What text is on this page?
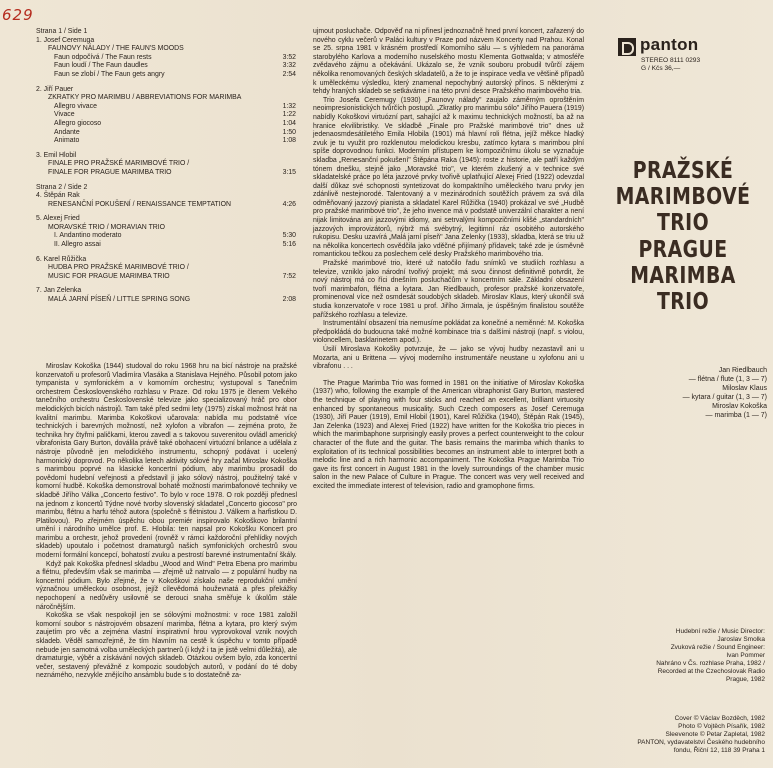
629
Strana 1 / Side 1
1. Josef Ceremuga
FAUNOVY NÁLADY / THE FAUN'S MOODS
Faun odpočívá / The Faun rests	3:52
Faun loudí / The Faun daudles	3:32
Faun se zlobí / The Faun gets angry	2:54
2. Jiří Pauer
ZKRATKY PRO MARIMBU / ABBREVIATIONS FOR MARIMBA
Allegro vivace	1:32
Vivace	1:22
Allegro giocoso	1:04
Andante	1:50
Animato	1:08
3. Emil Hlobil
FINALE PRO PRAŽSKÉ MARIMBOVÉ TRIO /
FINALE FOR PRAGUE MARIMBA TRIO	3:15
Strana 2 / Side 2
4. Štěpán Rak
RENESANČNÍ POKUŠENÍ / RENAISSANCE TEMPTATION	4:26
5. Alexej Fried
MORAVSKÉ TRIO / MORAVIAN TRIO
I. Andantino moderato	5:30
II. Allegro assai	5:16
6. Karel Růžička
HUDBA PRO PRAŽSKÉ MARIMBOVÉ TRIO /
MUSIC FOR PRAGUE MARIMBA TRIO	7:52
7. Jan Zelenka
MALÁ JARNÍ PÍSEŇ / LITTLE SPRING SONG	2:08

Miroslav Kokoška (1944) studoval do roku 1968 hru na bicí nástroje na pražské konzervatoři u profesorů Vladimíra Vlasáka a Stanislava Hejného. Působil potom jako tympanista v symfonickém a v komorním orchestru; vystupoval s Tanečním orchestrem Československého rozhlasu v Praze. Od roku 1975 je členem Velkého tanečního orchestru Československé televize jako specializovaný hráč pro obor melodických bicích nástrojů. Tam také před sedmi lety (1975) získal možnost hrát na kvalitní marimbu. Marimba Kokoškovi učarovala: nabídla mu podstatně více technických i barevných možností, než xylofon a vibrafon — zejména proto, že technika hry čtyřmi paličkami, kterou zavedl a s takovou suverenitou ovládl americký vibrafonista Gary Burton, doválila právě také obohacení virtuózní brilance a udělala z nástroje původně jen melodického instrumentu, schopný podávat i ucelený harmonický doprovod. Po několika letech aktivity sólové hry začal Miroslav Kokoška s marimbou poprvé na klasické koncertní pódium, aby marimbu prosadil do povědomí hudební veřejnosti a představil ji jako sólový nástroj, použitelný také v komorní hudbě. Kokoška demonstroval bohatě možnosti marimbafonové techniky ve skladbě Jiřího Válka „Concerto festivo". To bylo v roce 1978. O rok později přednesl na jednom z koncertů Týdne nové tvorby slovenský skladatel „Concerto giocoso" pro marimbu, flétnu a harfu téhož autora (společně s flétnistou J. Válkem a harfistkou D. Platilovou). Po zřejmém úspěchu obou premiér inspirovalo Kokoškovo brilantní umění i národního umělce prof. E. Hlobila: ten napsal pro Kokošku Koncert pro marimbu a orchestr, jehož provedení (rovněž v rámci každoroční přehlídky nových skladeb) upoutalo i početnost dramaturgů našich symfonických orchestrů svou moderní formální koncepcí, bohatostí zvuku a pestrostí barevné instrumentační škály.

Když pak Kokoška přednesl skladbu „Wood and Wind" Petra Ebena pro marimbu a flétnu, především však se marimba — zřejmě už natrvalo — z populární hudby na koncertní pódium. Bylo zřejmé, že v Kokoškovi získalo naše reprodukční umění význačnou uměleckou osobnost, jejíž cílevědomá houževnatá a přes překážky nepochopení a nedůvěry usilovně se derouci snaha směřuje k úkolům stále náročnějším.

Kokoška se však nespokojil jen se sólovými možnostmi: v roce 1981 založil komorní soubor s nástrojovém obsazení marimba, flétna a kytara, pro který svým zaujetím pro věc a zejména vlastní inspirativní hrou vyprovokoval vznik nových skladeb. Věděl samozřejmě, že tím hlavním na cestě k úspěchu v tomto případě nebude jen samotná volba uměleckých partnerů (i když i ta je jistě velmi důležitá), ale dramaturgie, výběr a získávání nových skladeb. Otázkou ovšem bylo, zda koncertní večer, sestavený převážně z kompozic soudobých autorů, v podání do té doby neznámého, nezvykle znějícího ansámblu bude s to dostatečně za-

ujmout posluchače. Odpověď na ni přinesl jednoznačně hned první koncert, zařazený do nového cyklu večerů v Paláci kultury v Praze pod názvem Koncerty nad Prahou. Konal se 25. srpna 1981 v krásném prostředí Komorního sálu — s výhledem na panoráma starobylého Karlova a moderního nuselského mostu Klementa Gottwalda; v atmosféře zvědavého zájmu a očekávání. Ukázalo se, že vznik souboru probudil tvůrčí zájem několika renomovaných českých skladatelů, a že to je inspirace vedla ve většině případů k uměleckému výsledku, který znamenal nepochybný autorský přínos. S některými z tehdy hraných skladeb se setkáváme i na této první desce Pražského marimbového tria.

Trio Josefa Ceremugy (1930) „Faunovy nálady" zaujalo záměrným oproštěním neoimpresionistických tvůrčích postupů. „Zkratky pro marimbu sólo" Jiřího Pauera (1919) nabídly Kokoškovi virtuózní part, sahající až k maximu technických možností, ba až na hranice ekvilibristiky. Ve skladbě „Finale pro Pražské marimbové trio" dnes už jedenaosmdesátiletého Emila Hlobila (1901) má hlavní roli flétna, jejíž měkce hladký zvuk je tu využit pro rozklenutou melodickou kresbu, zatímco kytara s marimbou plní spíše doprovodnou funkci. Moderním přístupem ke kompozičnímu úkolu se vyznačuje skladba „Renesanční pokušení" Štěpána Raka (1945): roste z historie, ale patří každým tónem dnešku, stejně jako „Moravské trio", ve kterém zkušený a v technice své skladatelské práce po léta jazzové prvky tvořivě uplatňující Alexej Fried (1922) odevzdal další důkaz své schopnosti syntetizovat do kompaktního uměleckého tvaru prvky jen zdánlivě nestejnorodé. Talentovaný a v mezinárodních soutěžích právem za svá díla odměňovaný jazzový pianista a skladatel Karel Růžička (1940) prokázal ve své „Hudbě pro pražské marimbové trio", že jeho invence má v podstatě univerzální charakter a není nijak limitována ani jazzovými idiomy, ani setrvalými kompozičními klišé „standardních" jazzových improvizátorů, nýbrž má svébytný, legitimní ráz osobitého autorského rukopisu. Desku uzavírá „Malá jarní píseň" Jana Zelenky (1933), skladba, která se triu už na několika koncertech osvědčila jako vděčné přijímaný přídavek; také zde je úsměvně romantickou tečkou za poslechem celé desky Pražského marimbového tria.

Pražské marimbové trio, které už natočilo řadu snímků ve studiích rozhlasu a televize, vzniklo jako národní tvořivý projekt; má svou činnost definitivně potvrdit, že nový nástroj má co říci dnešním posluchačům v koncertním sále. Základní obsazení tvoří marimbafon, flétna a kytara. Jan Riedlbauch, profesor pražské konzervatoře, prominenoval více než osmdesát soudobých skladeb. Miroslav Klaus, který ukončil svá studia konzervatoře v roce 1981 u prof. Jiřího Jirmala, je úspěšným finalistou soutěže pařížského rozhlasu a televize.

Instrumentální obsazení tria nemusíme pokládat za konečné a neměnné: M. Kokoška předpokládá do budoucna také možné kombinace tria s dalšími nástroji (např. s violou, violoncellem, basklarinetem apod.).

Úsilí Miroslava Kokošky potvrzuje, že — jako se vývoj hudby nezastavil ani u Mozarta, ani u Brittena — vývoj moderního instrumentáře neustane u xylofonu ani u vibrafonu . . .

The Prague Marimba Trio was formed in 1981 on the initiative of Miroslav Kokoška (1937) who, following the example of the American vibraphonist Gary Burton, mastered the technique of playing with four sticks and reached an excellent, brilliant virtuosity enhanced by spontaneous musicality. Such Czech composers as Josef Ceremuga (1930), Jiří Pauer (1919), Emil Hlobil (1901), Karel Růžička (1940), Štěpán Rak (1945), Jan Zelenka (1923) and Alexej Fried (1922) have written for the Kokoška trio pieces in which the marimbaphone surprisingly easily proves a perfect counterweight to the colour character of the flute and the guitar. The basis remains the marimba which thanks to exploitation of its technical possibilities becomes an instrument able to interpret both a melodic line and a rich harmonic accompaniment. The Kokoška Prague Marimba Trio gave its first concert in August 1981 in the lovely surroundings of the chamber music salon in the new Palace of Culture in Prague. The concert was very well received and excited the immediate interest of television, radio and gramophone firms.

panton
STEREO 8111 0293
G / Kčs 36,—
PRAŽSKÉ
MARIMBOVÉ
TRIO
PRAGUE
MARIMBA
TRIO
Jan Riedlbauch
— flétna / flute (1, 3 — 7)
Miloslav Klaus
— kytara / guitar (1, 3 — 7)
Miroslav Kokoška
— marimba (1 — 7)
Hudební režie / Music Director:
Jaroslav Smolka
Zvuková režie / Sound Engineer:
Ivan Pommer
Nahráno v Čs. rozhlase Praha, 1982 /
Recorded at the Czechoslovak Radio
Prague, 1982
Cover © Václav Bozděch, 1982
Photo © Vojtěch Písařík, 1982
Sleevenote © Petar Zapletal, 1982
PANTON, vydavatelství Českého hudebního
fondu, Řiční 12, 118 39 Praha 1
